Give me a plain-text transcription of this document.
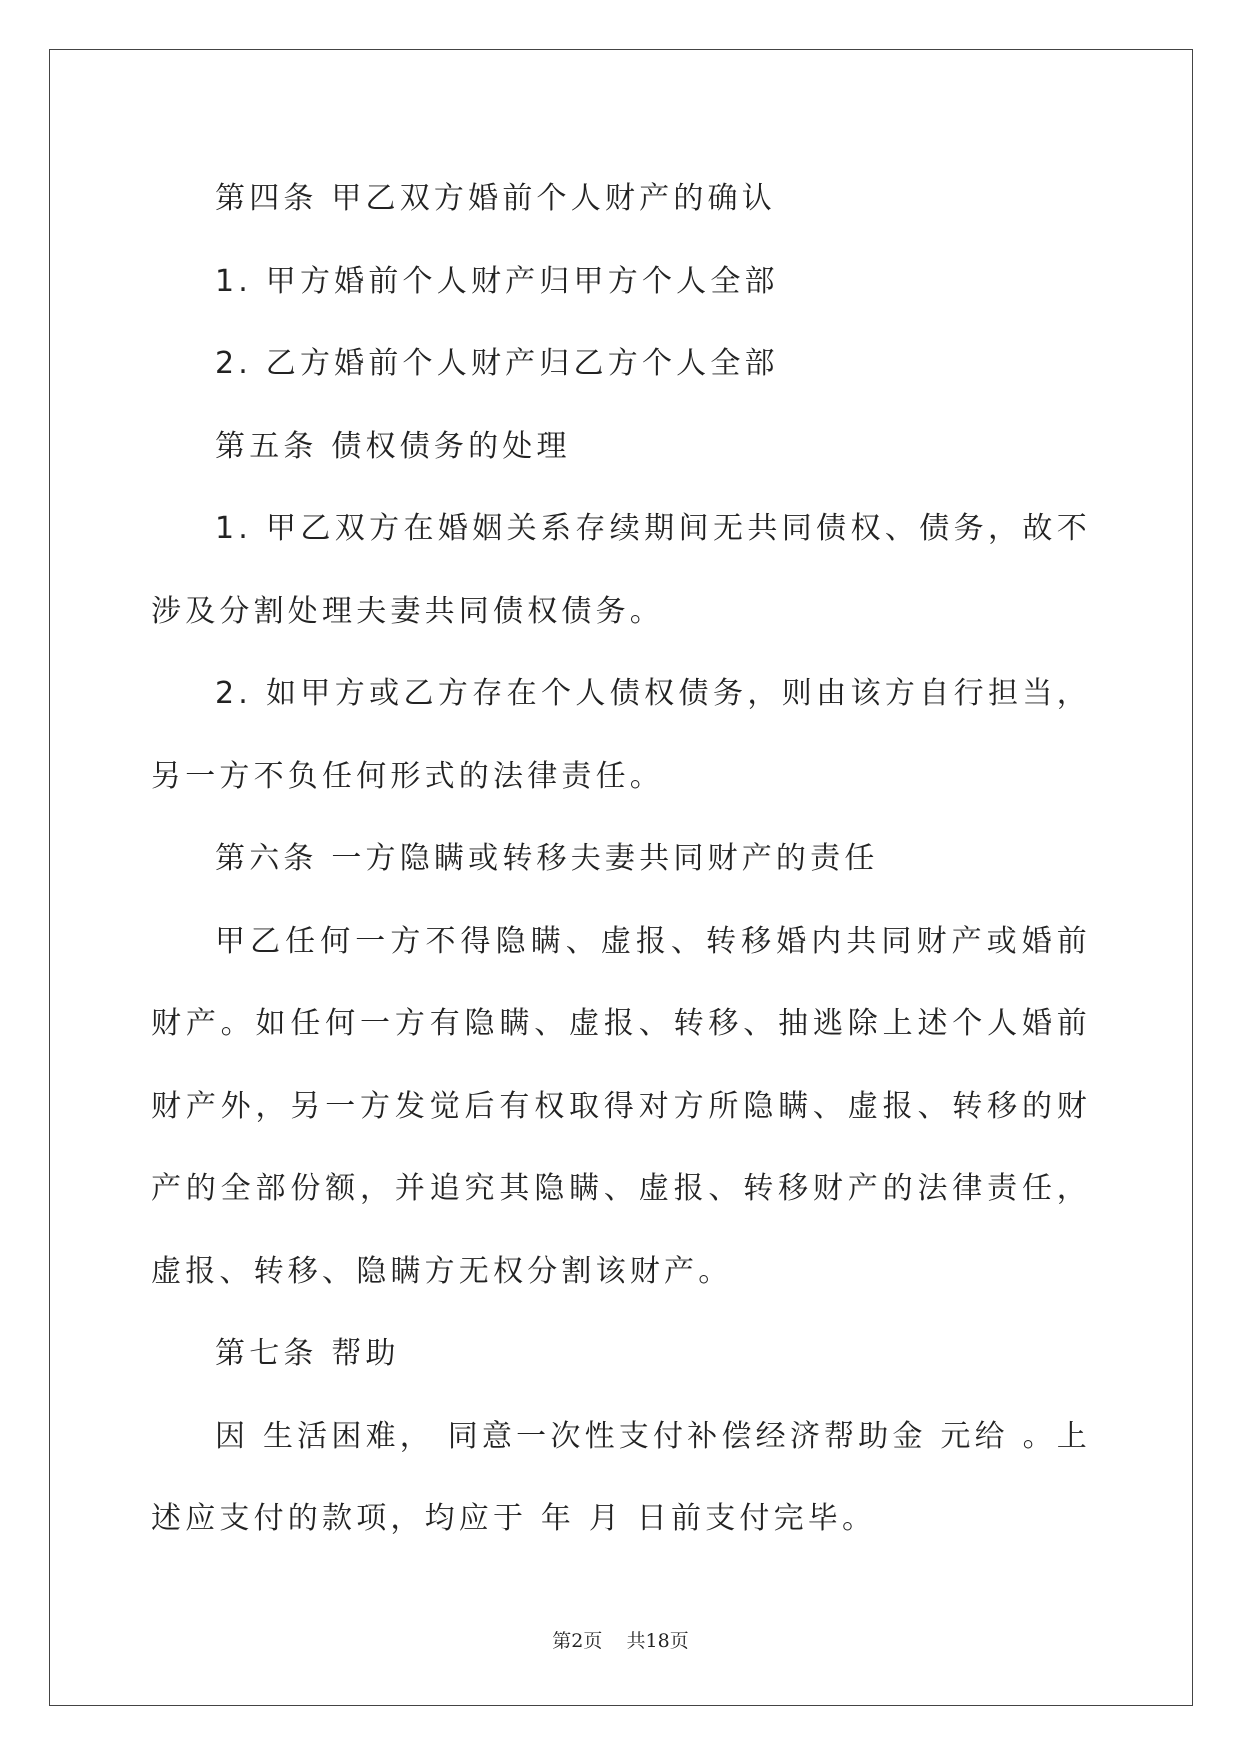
第四条 甲乙双方婚前个人财产的确认

1. 甲方婚前个人财产归甲方个人全部

2. 乙方婚前个人财产归乙方个人全部

第五条 债权债务的处理

1. 甲乙双方在婚姻关系存续期间无共同债权、债务，故不涉及分割处理夫妻共同债权债务。

2. 如甲方或乙方存在个人债权债务，则由该方自行担当，另一方不负任何形式的法律责任。

第六条 一方隐瞒或转移夫妻共同财产的责任

甲乙任何一方不得隐瞒、虚报、转移婚内共同财产或婚前财产。如任何一方有隐瞒、虚报、转移、抽逃除上述个人婚前财产外，另一方发觉后有权取得对方所隐瞒、虚报、转移的财产的全部份额，并追究其隐瞒、虚报、转移财产的法律责任，虚报、转移、隐瞒方无权分割该财产。

第七条 帮助

因 生活困难， 同意一次性支付补偿经济帮助金 元给 。上述应支付的款项，均应于 年 月 日前支付完毕。

第2页 共18页
